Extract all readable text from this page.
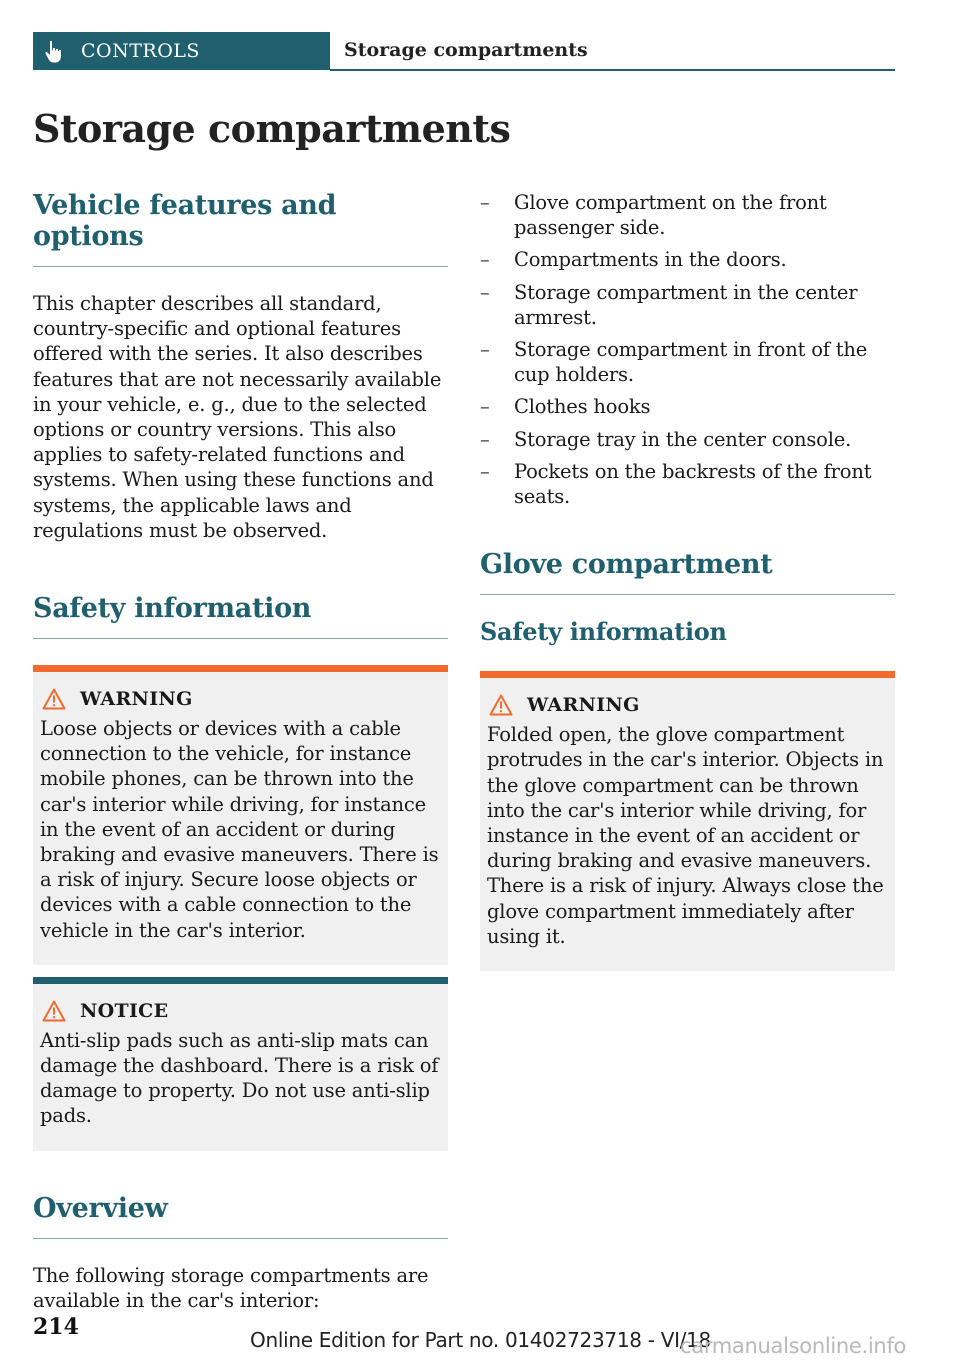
CONTROLS	Storage compartments
Storage compartments
Vehicle features and options

This chapter describes all standard, country-specific and optional features offered with the series. It also describes features that are not necessarily available in your vehicle, e. g., due to the selected options or country versions. This also applies to safety-related functions and systems. When using these functions and systems, the applicable laws and regulations must be observed.

Safety information
WARNING

Loose objects or devices with a cable connection to the vehicle, for instance mobile phones, can be thrown into the car's interior while driving, for instance in the event of an accident or during braking and evasive maneuvers. There is a risk of injury. Secure loose objects or devices with a cable connection to the vehicle in the car's interior.

NOTICE

Anti-slip pads such as anti-slip mats can damage the dashboard. There is a risk of damage to property. Do not use anti-slip pads.

Overview

The following storage compartments are available in the car's interior:

– Glove compartment on the front passenger side.
– Compartments in the doors.
– Storage compartment in the center armrest.
– Storage compartment in front of the cup holders.
– Clothes hooks
– Storage tray in the center console.
– Pockets on the backrests of the front seats.
Glove compartment
Safety information
WARNING

Folded open, the glove compartment protrudes in the car's interior. Objects in the glove compartment can be thrown into the car's interior while driving, for instance in the event of an accident or during braking and evasive maneuvers. There is a risk of injury. Always close the glove compartment immediately after using it.

214	Online Edition for Part no. 01402723718 - VI/18
carmanualsonline.info
